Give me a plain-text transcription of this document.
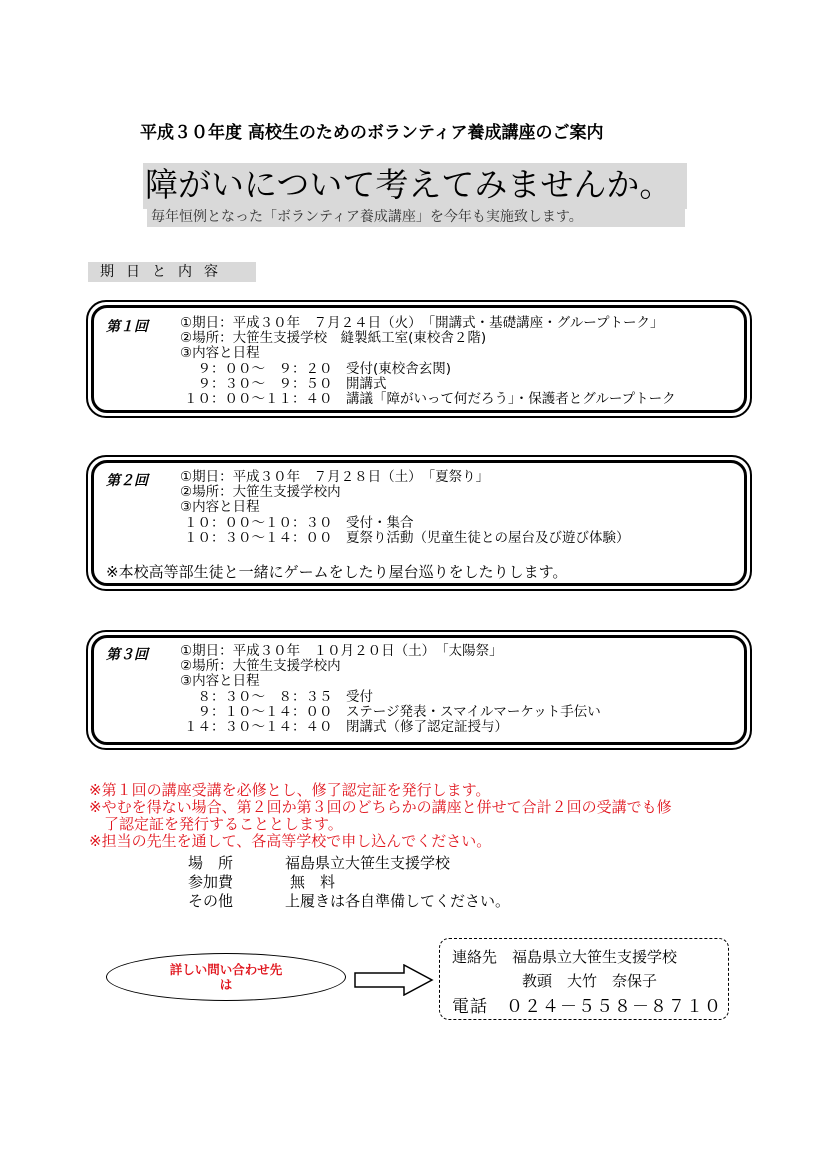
平成３０年度 高校生のためのボランティア養成講座のご案内
障がいについて考えてみませんか。
毎年恒例となった「ボランティア養成講座」を今年も実施致します。
期日と内容
第１回 ①期日：平成３０年　７月２４日（火）　「開講式・基礎講座・グループトーク」
②場所：大笹生支援学校　縫製紙工室(東校舎２階)
③内容と日程
　９：００～　９：２０　受付(東校舎玄関)
　９：３０～　９：５０　開講式
１０：００～１１：４０　講議「障がいって何だろう」・保護者とグループトーク
第２回 ①期日：平成３０年　７月２８日（土）　「夏祭り」
②場所：大笹生支援学校内
③内容と日程
１０：００～１０：３０　受付・集合
１０：３０～１４：００　夏祭り活動（児童生徒との屋台及び遊び体験）
※本校高等部生徒と一緒にゲームをしたり屋台巡りをしたりします。
第３回 ①期日：平成３０年　１０月２０日（土）　「太陽祭」
②場所：大笹生支援学校内
③内容と日程
　８：３０～　８：３５　受付
　９：１０～１４：００　ステージ発表・スマイルマーケット手伝い
１４：３０～１４：４０　閉講式（修了認定証授与）
※第１回の講座受講を必修とし、修了認定証を発行します。
※やむを得ない場合、第２回か第３回のどちらかの講座と併せて合計２回の受講でも修
　了認定証を発行することとします。
※担当の先生を通して、各高等学校で申し込んでください。
場　所	福島県立大笹生支援学校
参加費	無　料
その他	上履きは各自準備してください。
詳しい問い合わせ先
は
連絡先　福島県立大笹生支援学校
教頭　大竹　奈保子
電話　０２４－５５８－８７１０
